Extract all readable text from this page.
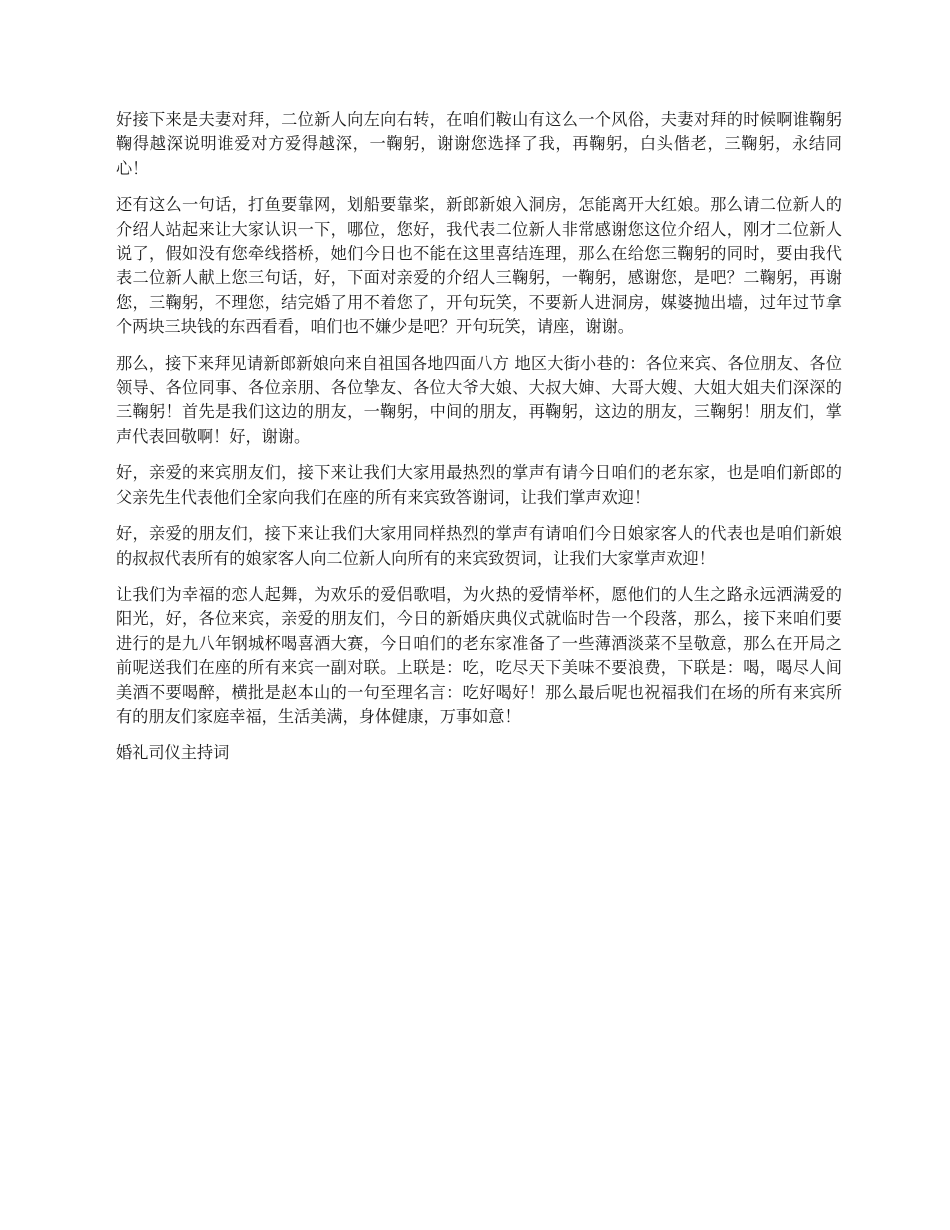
好接下来是夫妻对拜，二位新人向左向右转，在咱们鞍山有这么一个风俗，夫妻对拜的时候啊谁鞠躬鞠得越深说明谁爱对方爱得越深，一鞠躬，谢谢您选择了我，再鞠躬，白头偕老，三鞠躬，永结同心！

还有这么一句话，打鱼要靠网，划船要靠桨，新郎新娘入洞房，怎能离开大红娘。那么请二位新人的介绍人站起来让大家认识一下，哪位，您好，我代表二位新人非常感谢您这位介绍人，刚才二位新人说了，假如没有您牵线搭桥，她们今日也不能在这里喜结连理，那么在给您三鞠躬的同时，要由我代表二位新人献上您三句话，好，下面对亲爱的介绍人三鞠躬，一鞠躬，感谢您，是吧？二鞠躬，再谢您，三鞠躬，不理您，结完婚了用不着您了，开句玩笑，不要新人进洞房，媒婆抛出墙，过年过节拿个两块三块钱的东西看看，咱们也不嫌少是吧？开句玩笑，请座，谢谢。

那么，接下来拜见请新郎新娘向来自祖国各地四面八方 地区大街小巷的：各位来宾、各位朋友、各位领导、各位同事、各位亲朋、各位挚友、各位大爷大娘、大叔大婶、大哥大嫂、大姐大姐夫们深深的三鞠躬！首先是我们这边的朋友，一鞠躬，中间的朋友，再鞠躬，这边的朋友，三鞠躬！朋友们，掌声代表回敬啊！好，谢谢。

好，亲爱的来宾朋友们，接下来让我们大家用最热烈的掌声有请今日咱们的老东家，也是咱们新郎的父亲先生代表他们全家向我们在座的所有来宾致答谢词，让我们掌声欢迎！

好，亲爱的朋友们，接下来让我们大家用同样热烈的掌声有请咱们今日娘家客人的代表也是咱们新娘的叔叔代表所有的娘家客人向二位新人向所有的来宾致贺词，让我们大家掌声欢迎！

让我们为幸福的恋人起舞，为欢乐的爱侣歌唱，为火热的爱情举杯，愿他们的人生之路永远洒满爱的阳光，好，各位来宾，亲爱的朋友们，今日的新婚庆典仪式就临时告一个段落，那么，接下来咱们要进行的是九八年钢城杯喝喜酒大赛，今日咱们的老东家准备了一些薄酒淡菜不呈敬意，那么在开局之前呢送我们在座的所有来宾一副对联。上联是：吃，吃尽天下美味不要浪费，下联是：喝，喝尽人间美酒不要喝醉，横批是赵本山的一句至理名言：吃好喝好！那么最后呢也祝福我们在场的所有来宾所有的朋友们家庭幸福，生活美满，身体健康，万事如意！

婚礼司仪主持词
